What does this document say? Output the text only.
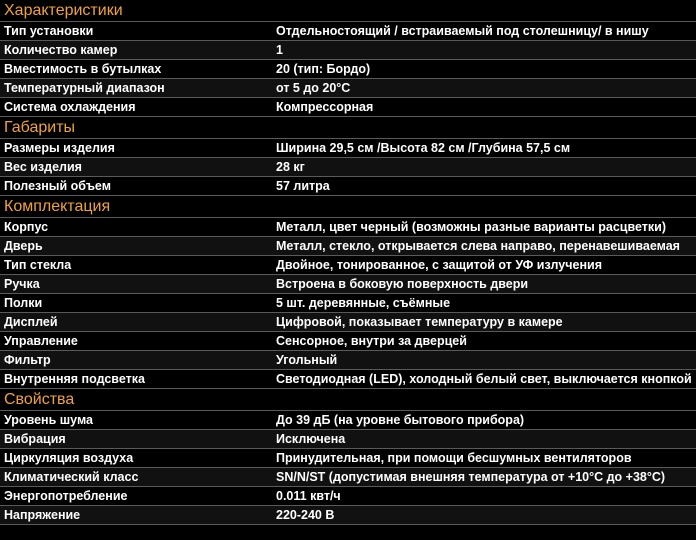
Характеристики
Тип установки	Отдельностоящий / встраиваемый под столешницу/ в нишу
Количество камер	1
Вместимость в бутылках	20 (тип: Бордо)
Температурный диапазон	от 5 до 20°С
Система охлаждения	Компрессорная
Габариты
Размеры изделия	Ширина 29,5 см /Высота 82 см /Глубина 57,5 см
Вес изделия	28 кг
Полезный объем	57 литра
Комплектация
Корпус	Металл, цвет черный (возможны разные варианты расцветки)
Дверь	Металл, стекло, открывается слева направо, перенавешиваемая
Тип стекла	Двойное, тонированное, с защитой от УФ излучения
Ручка	Встроена в боковую поверхность двери
Полки	5 шт. деревянные, съёмные
Дисплей	Цифровой, показывает температуру в камере
Управление	Сенсорное, внутри за дверцей
Фильтр	Угольный
Внутренняя подсветка	Светодиодная (LED), холодный белый свет, выключается кнопкой
Свойства
Уровень шума	До 39 дБ (на уровне бытового прибора)
Вибрация	Исключена
Циркуляция воздуха	Принудительная, при помощи бесшумных вентиляторов
Климатический класс	SN/N/ST (допустимая внешняя температура от +10°С до +38°С)
Энергопотребление	0.011 квт/ч
Напряжение	220-240 В
